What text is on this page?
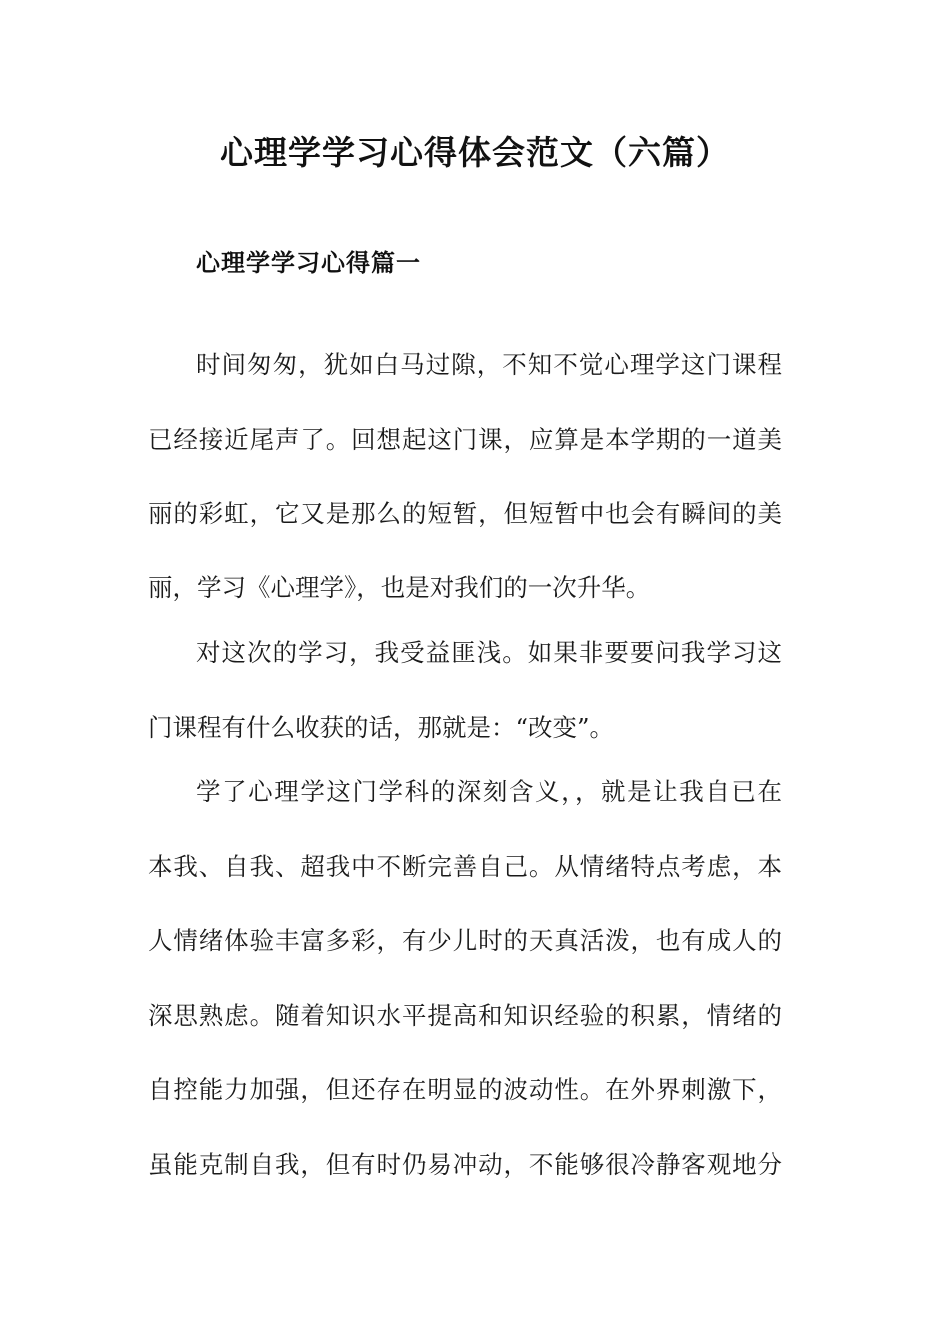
心理学学习心得体会范文（六篇）
心理学学习心得篇一
时间匆匆，犹如白马过隙，不知不觉心理学这门课程
已经接近尾声了。回想起这门课，应算是本学期的一道美
丽的彩虹，它又是那么的短暂，但短暂中也会有瞬间的美
丽，学习《心理学》，也是对我们的一次升华。
对这次的学习，我受益匪浅。如果非要要问我学习这
门课程有什么收获的话，那就是：“改变”。
学了心理学这门学科的深刻含义，，就是让我自已在
本我、自我、超我中不断完善自己。从情绪特点考虑，本
人情绪体验丰富多彩，有少儿时的天真活泼，也有成人的
深思熟虑。随着知识水平提高和知识经验的积累，情绪的
自控能力加强，但还存在明显的波动性。在外界刺激下，
虽能克制自我，但有时仍易冲动，不能够很冷静客观地分
